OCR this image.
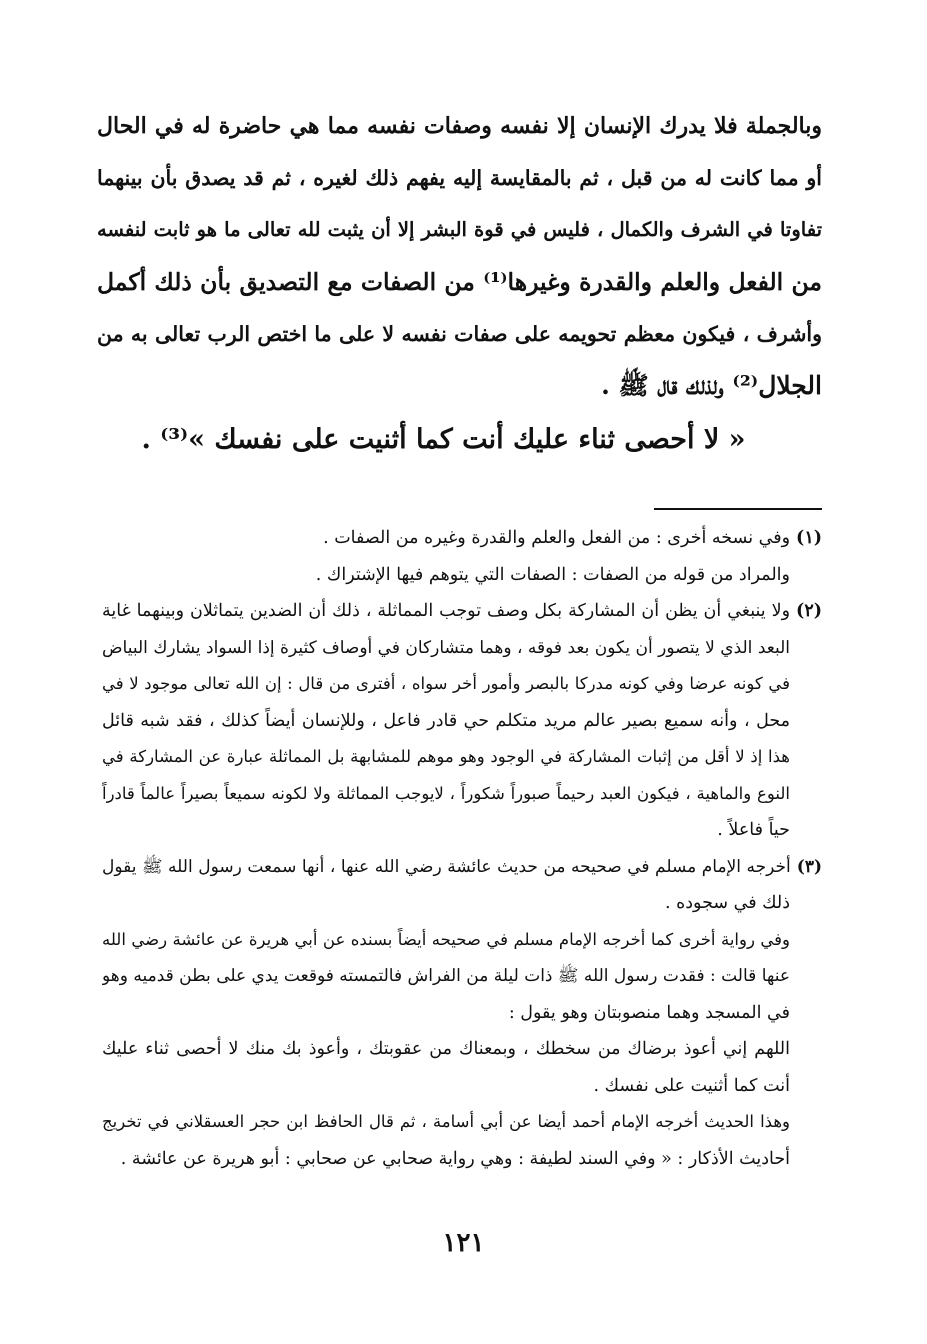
وبالجملة فلا يدرك الإنسان إلا نفسه وصفات نفسه مما هي حاضرة له في الحال
أو مما كانت له من قبل ، ثم بالمقايسة إليه يفهم ذلك لغيره ، ثم قد يصدق بأن بينهما
تفاوتا في الشرف والكمال ، فليس في قوة البشر إلا أن يثبت لله تعالى ما هو ثابت لنفسه
من الفعل والعلم والقدرة وغيرها⁽¹⁾ من الصفات مع التصديق بأن ذلك أكمل
وأشرف ، فيكون معظم تحويمه على صفات نفسه لا على ما اختص الرب تعالى به من
الجلال⁽²⁾ ولذلك قال ﷺ .
« لا أحصى ثناء عليك أنت كما أثنيت على نفسك »⁽³⁾ .
(١)وفي نسخه أخرى : من الفعل والعلم والقدرة وغيره من الصفات .
والمراد من قوله من الصفات : الصفات التي يتوهم فيها الإشتراك .
(٢)ولا ينبغي أن يظن أن المشاركة بكل وصف توجب المماثلة ، ذلك أن الضدين يتماثلان وبينهما غاية
البعد الذي لا يتصور أن يكون بعد فوقه ، وهما متشاركان في أوصاف كثيرة إذا السواد يشارك البياض
في كونه عرضا وفي كونه مدركا بالبصر وأمور أخر سواه ، أفترى من قال : إن الله تعالى موجود لا في
محل ، وأنه سميع بصير عالم مريد متكلم حي قادر فاعل ، وللإنسان أيضاً كذلك ، فقد شبه قائل
هذا إذ لا أقل من إثبات المشاركة في الوجود وهو موهم للمشابهة بل المماثلة عبارة عن المشاركة في
النوع والماهية ، فيكون العبد رحيماً صبوراً شكوراً ، لايوجب المماثلة ولا لكونه سميعاً بصيراً عالماً قادراً
حياً فاعلاً .
(٣)أخرجه الإمام مسلم في صحيحه من حديث عائشة رضي الله عنها ، أنها سمعت رسول الله ﷺ يقول
ذلك في سجوده .
وفي رواية أخرى كما أخرجه الإمام مسلم في صحيحه أيضاً بسنده عن أبي هريرة عن عائشة رضي الله
عنها قالت : فقدت رسول الله ﷺ ذات ليلة من الفراش فالتمسته فوقعت يدي على بطن قدميه وهو
في المسجد وهما منصوبتان وهو يقول :
اللهم إني أعوذ برضاك من سخطك ، وبمعناك من عقوبتك ، وأعوذ بك منك لا أحصى ثناء عليك
أنت كما أثنيت على نفسك .
وهذا الحديث أخرجه الإمام أحمد أيضا عن أبي أسامة ، ثم قال الحافظ ابن حجر العسقلاني في تخريج
أحاديث الأذكار : « وفي السند لطيفة : وهي رواية صحابي عن صحابي : أبو هريرة عن عائشة .
١٢١
